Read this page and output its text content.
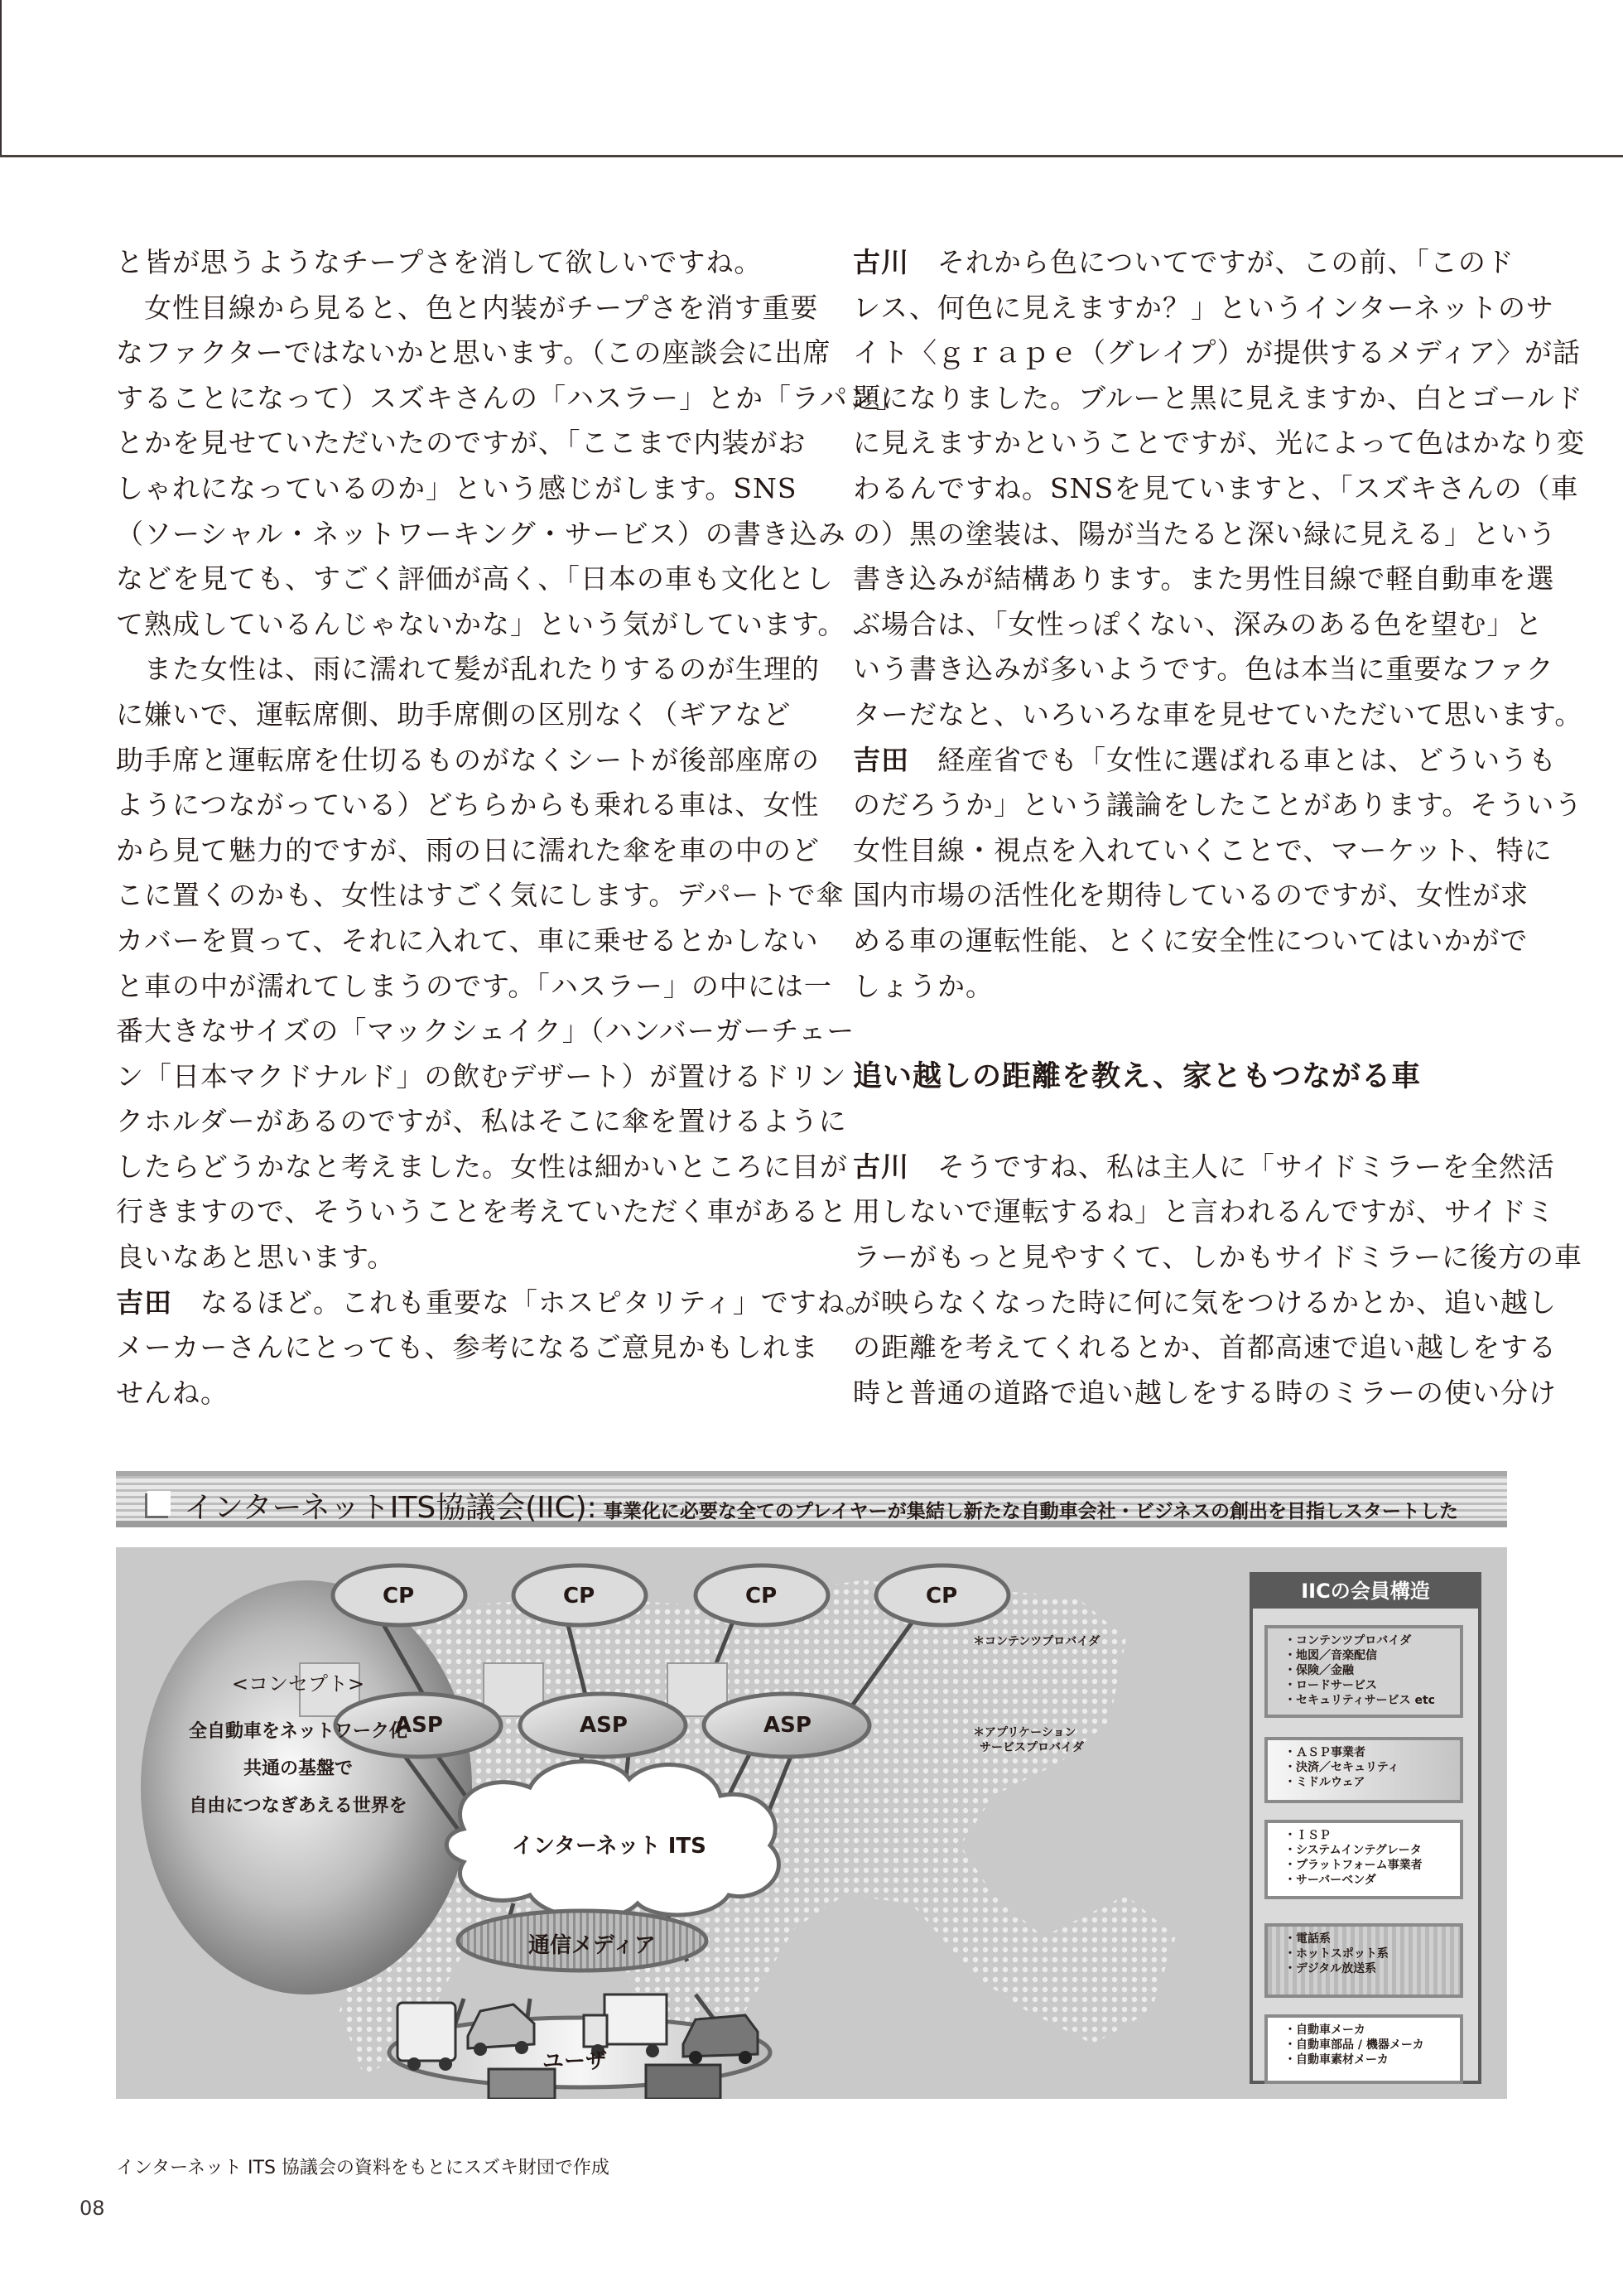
と皆が思うようなチープさを消して欲しいですね。
　女性目線から見ると、色と内装がチープさを消す重要
なファクターではないかと思います。（この座談会に出席
することになって）スズキさんの「ハスラー」とか「ラパン」
とかを見せていただいたのですが、「ここまで内装がお
しゃれになっているのか」という感じがします。SNS
（ソーシャル・ネットワーキング・サービス）の書き込み
などを見ても、すごく評価が高く、「日本の車も文化とし
て熟成しているんじゃないかな」という気がしています。
　また女性は、雨に濡れて髪が乱れたりするのが生理的
に嫌いで、運転席側、助手席側の区別なく（ギアなど
助手席と運転席を仕切るものがなくシートが後部座席の
ようにつながっている）どちらからも乗れる車は、女性
から見て魅力的ですが、雨の日に濡れた傘を車の中のど
こに置くのかも、女性はすごく気にします。デパートで傘
カバーを買って、それに入れて、車に乗せるとかしない
と車の中が濡れてしまうのです。「ハスラー」の中には一
番大きなサイズの「マックシェイク」（ハンバーガーチェー
ン「日本マクドナルド」の飲むデザート）が置けるドリン
クホルダーがあるのですが、私はそこに傘を置けるように
したらどうかなと考えました。女性は細かいところに目が
行きますので、そういうことを考えていただく車があると
良いなあと思います。
吉田 なるほど。これも重要な「ホスピタリティ」ですね。
メーカーさんにとっても、参考になるご意見かもしれま
せんね。
古川 それから色についてですが、この前、「このド
レス、何色に見えますか？」というインターネットのサ
イト〈ｇｒａｐｅ（グレイプ）が提供するメディア〉が話
題になりました。ブルーと黒に見えますか、白とゴールド
に見えますかということですが、光によって色はかなり変
わるんですね。SNSを見ていますと、「スズキさんの（車
の）黒の塗装は、陽が当たると深い緑に見える」という
書き込みが結構あります。また男性目線で軽自動車を選
ぶ場合は、「女性っぽくない、深みのある色を望む」と
いう書き込みが多いようです。色は本当に重要なファク
ターだなと、いろいろな車を見せていただいて思います。
吉田 経産省でも「女性に選ばれる車とは、どういうも
のだろうか」という議論をしたことがあります。そういう
女性目線・視点を入れていくことで、マーケット、特に
国内市場の活性化を期待しているのですが、女性が求
める車の運転性能、とくに安全性についてはいかがで
しょうか。
追い越しの距離を教え、家ともつながる車
古川 そうですね、私は主人に「サイドミラーを全然活
用しないで運転するね」と言われるんですが、サイドミ
ラーがもっと見やすくて、しかもサイドミラーに後方の車
が映らなくなった時に何に気をつけるかとか、追い越し
の距離を考えてくれるとか、首都高速で追い越しをする
時と普通の道路で追い越しをする時のミラーの使い分け
インターネットITS協議会(IIC): 事業化に必要な全てのプレイヤーが集結し新たな自動車会社・ビジネスの創出を目指しスタートした
<コンセプト>
全自動車をネットワーク化
共通の基盤で
自由につなぎあえる世界を
CP	CP	CP	CP
ASP	ASP	ASP
＊コンテンツプロバイダ
＊アプリケーション
サービスプロバイダ
インターネット ITS
通信メディア
ユーザ
IICの会員構造
・コンテンツプロバイダ
・地図／音楽配信
・保険／金融
・ロードサービス
・セキュリティサービス etc
・ＡＳＰ事業者
・決済／セキュリティ
・ミドルウェア
・ＩＳＰ
・システムインテグレータ
・プラットフォーム事業者
・サーバーベンダ
・電話系
・ホットスポット系
・デジタル放送系
・自動車メーカ
・自動車部品 / 機器メーカ
・自動車素材メーカ
インターネット ITS 協議会の資料をもとにスズキ財団で作成
08
